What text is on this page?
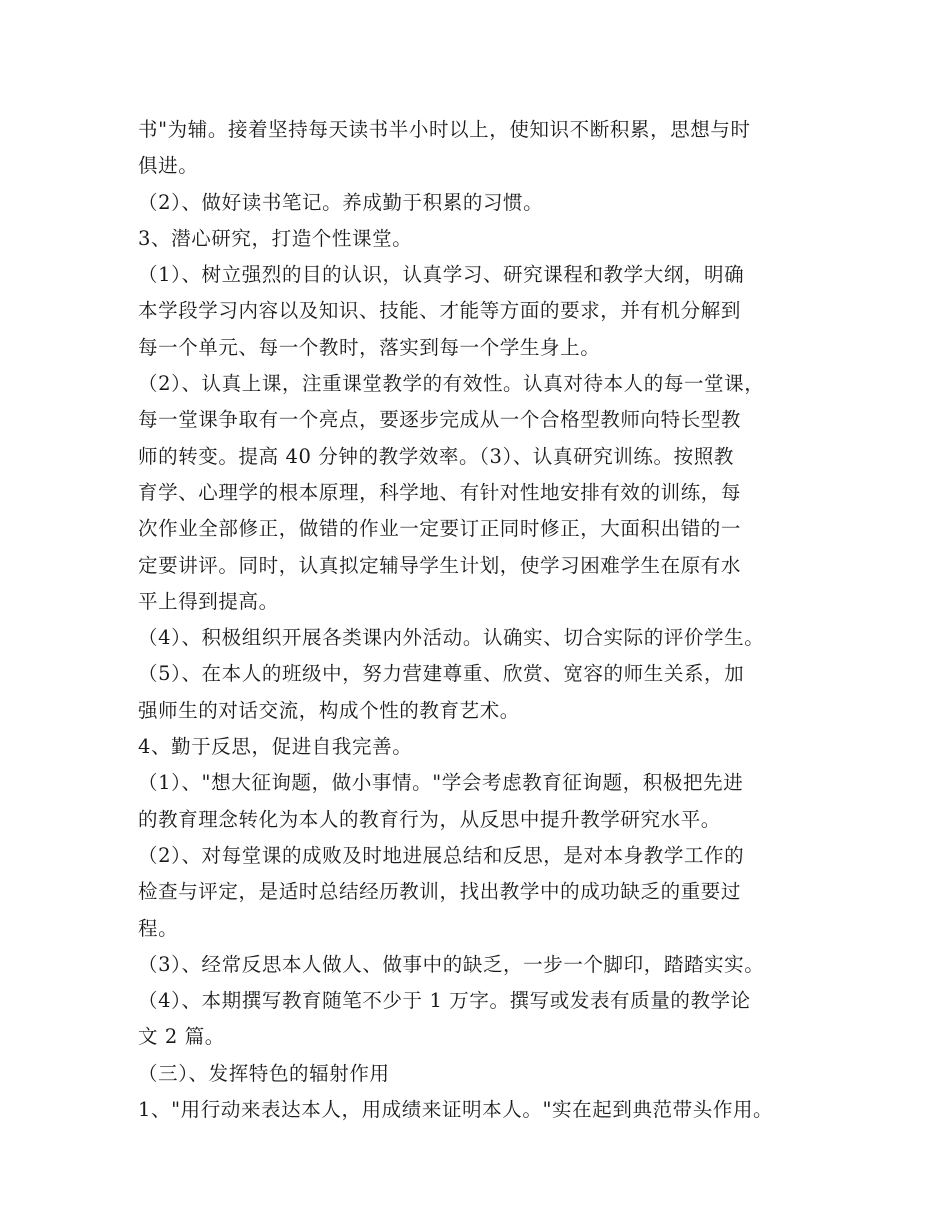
书"为辅。接着坚持每天读书半小时以上，使知识不断积累，思想与时
俱进。
（2）、做好读书笔记。养成勤于积累的习惯。
3、潜心研究，打造个性课堂。
（1）、树立强烈的目的认识，认真学习、研究课程和教学大纲，明确
本学段学习内容以及知识、技能、才能等方面的要求，并有机分解到
每一个单元、每一个教时，落实到每一个学生身上。
（2）、认真上课，注重课堂教学的有效性。认真对待本人的每一堂课，
每一堂课争取有一个亮点，要逐步完成从一个合格型教师向特长型教
师的转变。提高 40 分钟的教学效率。（3）、认真研究训练。按照教
育学、心理学的根本原理，科学地、有针对性地安排有效的训练，每
次作业全部修正，做错的作业一定要订正同时修正，大面积出错的一
定要讲评。同时，认真拟定辅导学生计划，使学习困难学生在原有水
平上得到提高。
（4）、积极组织开展各类课内外活动。认确实、切合实际的评价学生。
（5）、在本人的班级中，努力营建尊重、欣赏、宽容的师生关系，加
强师生的对话交流，构成个性的教育艺术。
4、勤于反思，促进自我完善。
（1）、"想大征询题，做小事情。"学会考虑教育征询题，积极把先进
的教育理念转化为本人的教育行为，从反思中提升教学研究水平。
（2）、对每堂课的成败及时地进展总结和反思，是对本身教学工作的
检查与评定，是适时总结经历教训，找出教学中的成功缺乏的重要过
程。
（3）、经常反思本人做人、做事中的缺乏，一步一个脚印，踏踏实实。
（4）、本期撰写教育随笔不少于 1 万字。撰写或发表有质量的教学论
文 2 篇。
（三）、发挥特色的辐射作用
1、"用行动来表达本人，用成绩来证明本人。"实在起到典范带头作用。
